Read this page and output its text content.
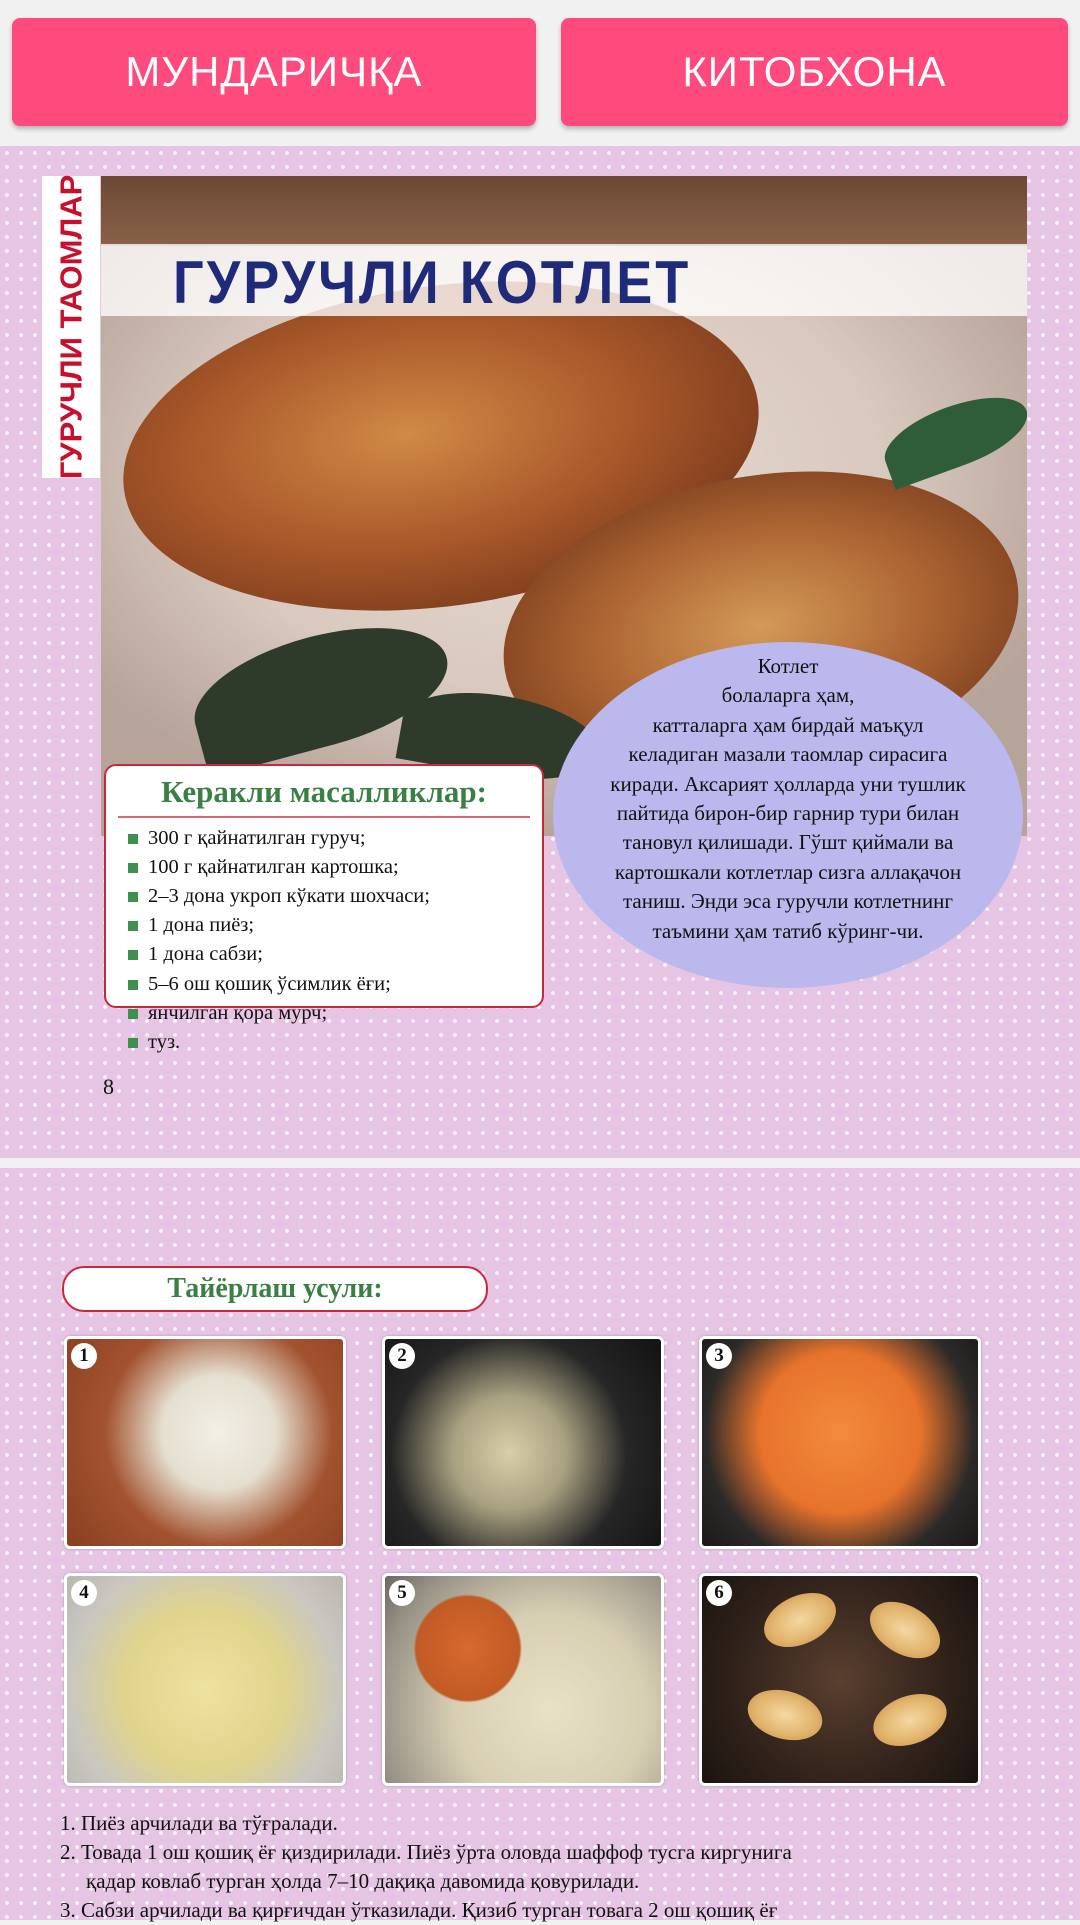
МУНДАРИЧҚА	КИТОБХОНА
ГУРУЧЛИ ТАОМЛАР ГУРУЧЛИ КОТЛЕТ
Котлет
болаларга ҳам,
катталарга ҳам бирдай маъқул
келадиган мазали таомлар сирасига
киради. Аксарият ҳолларда уни тушлик
пайтида бирон-бир гарнир тури билан
тановул қилишади. Гўшт қиймали ва
картошкали котлетлар сизга аллақачон
таниш. Энди эса гуручли котлетнинг
таъмини ҳам татиб кўринг-чи.
Керакли масалликлар:
300 г қайнатилган гуруч;
100 г қайнатилган картошка;
2–3 дона укроп кўкати шохчаси;
1 дона пиёз;
1 дона сабзи;
5–6 ош қошиқ ўсимлик ёғи;
янчилган қора мурч;
туз.
8
Тайёрлаш усули:
1	2	3
4	5	6
1. Пиёз арчилади ва тўғралади.
2. Товада 1 ош қошиқ ёғ қиздирилади. Пиёз ўрта оловда шаффоф тусга киргунига
қадар ковлаб турган ҳолда 7–10 дақиқа давомида қовурилади.
3. Сабзи арчилади ва қирғичдан ўтказилади. Қизиб турган товага 2 ош қошиқ ёғ
